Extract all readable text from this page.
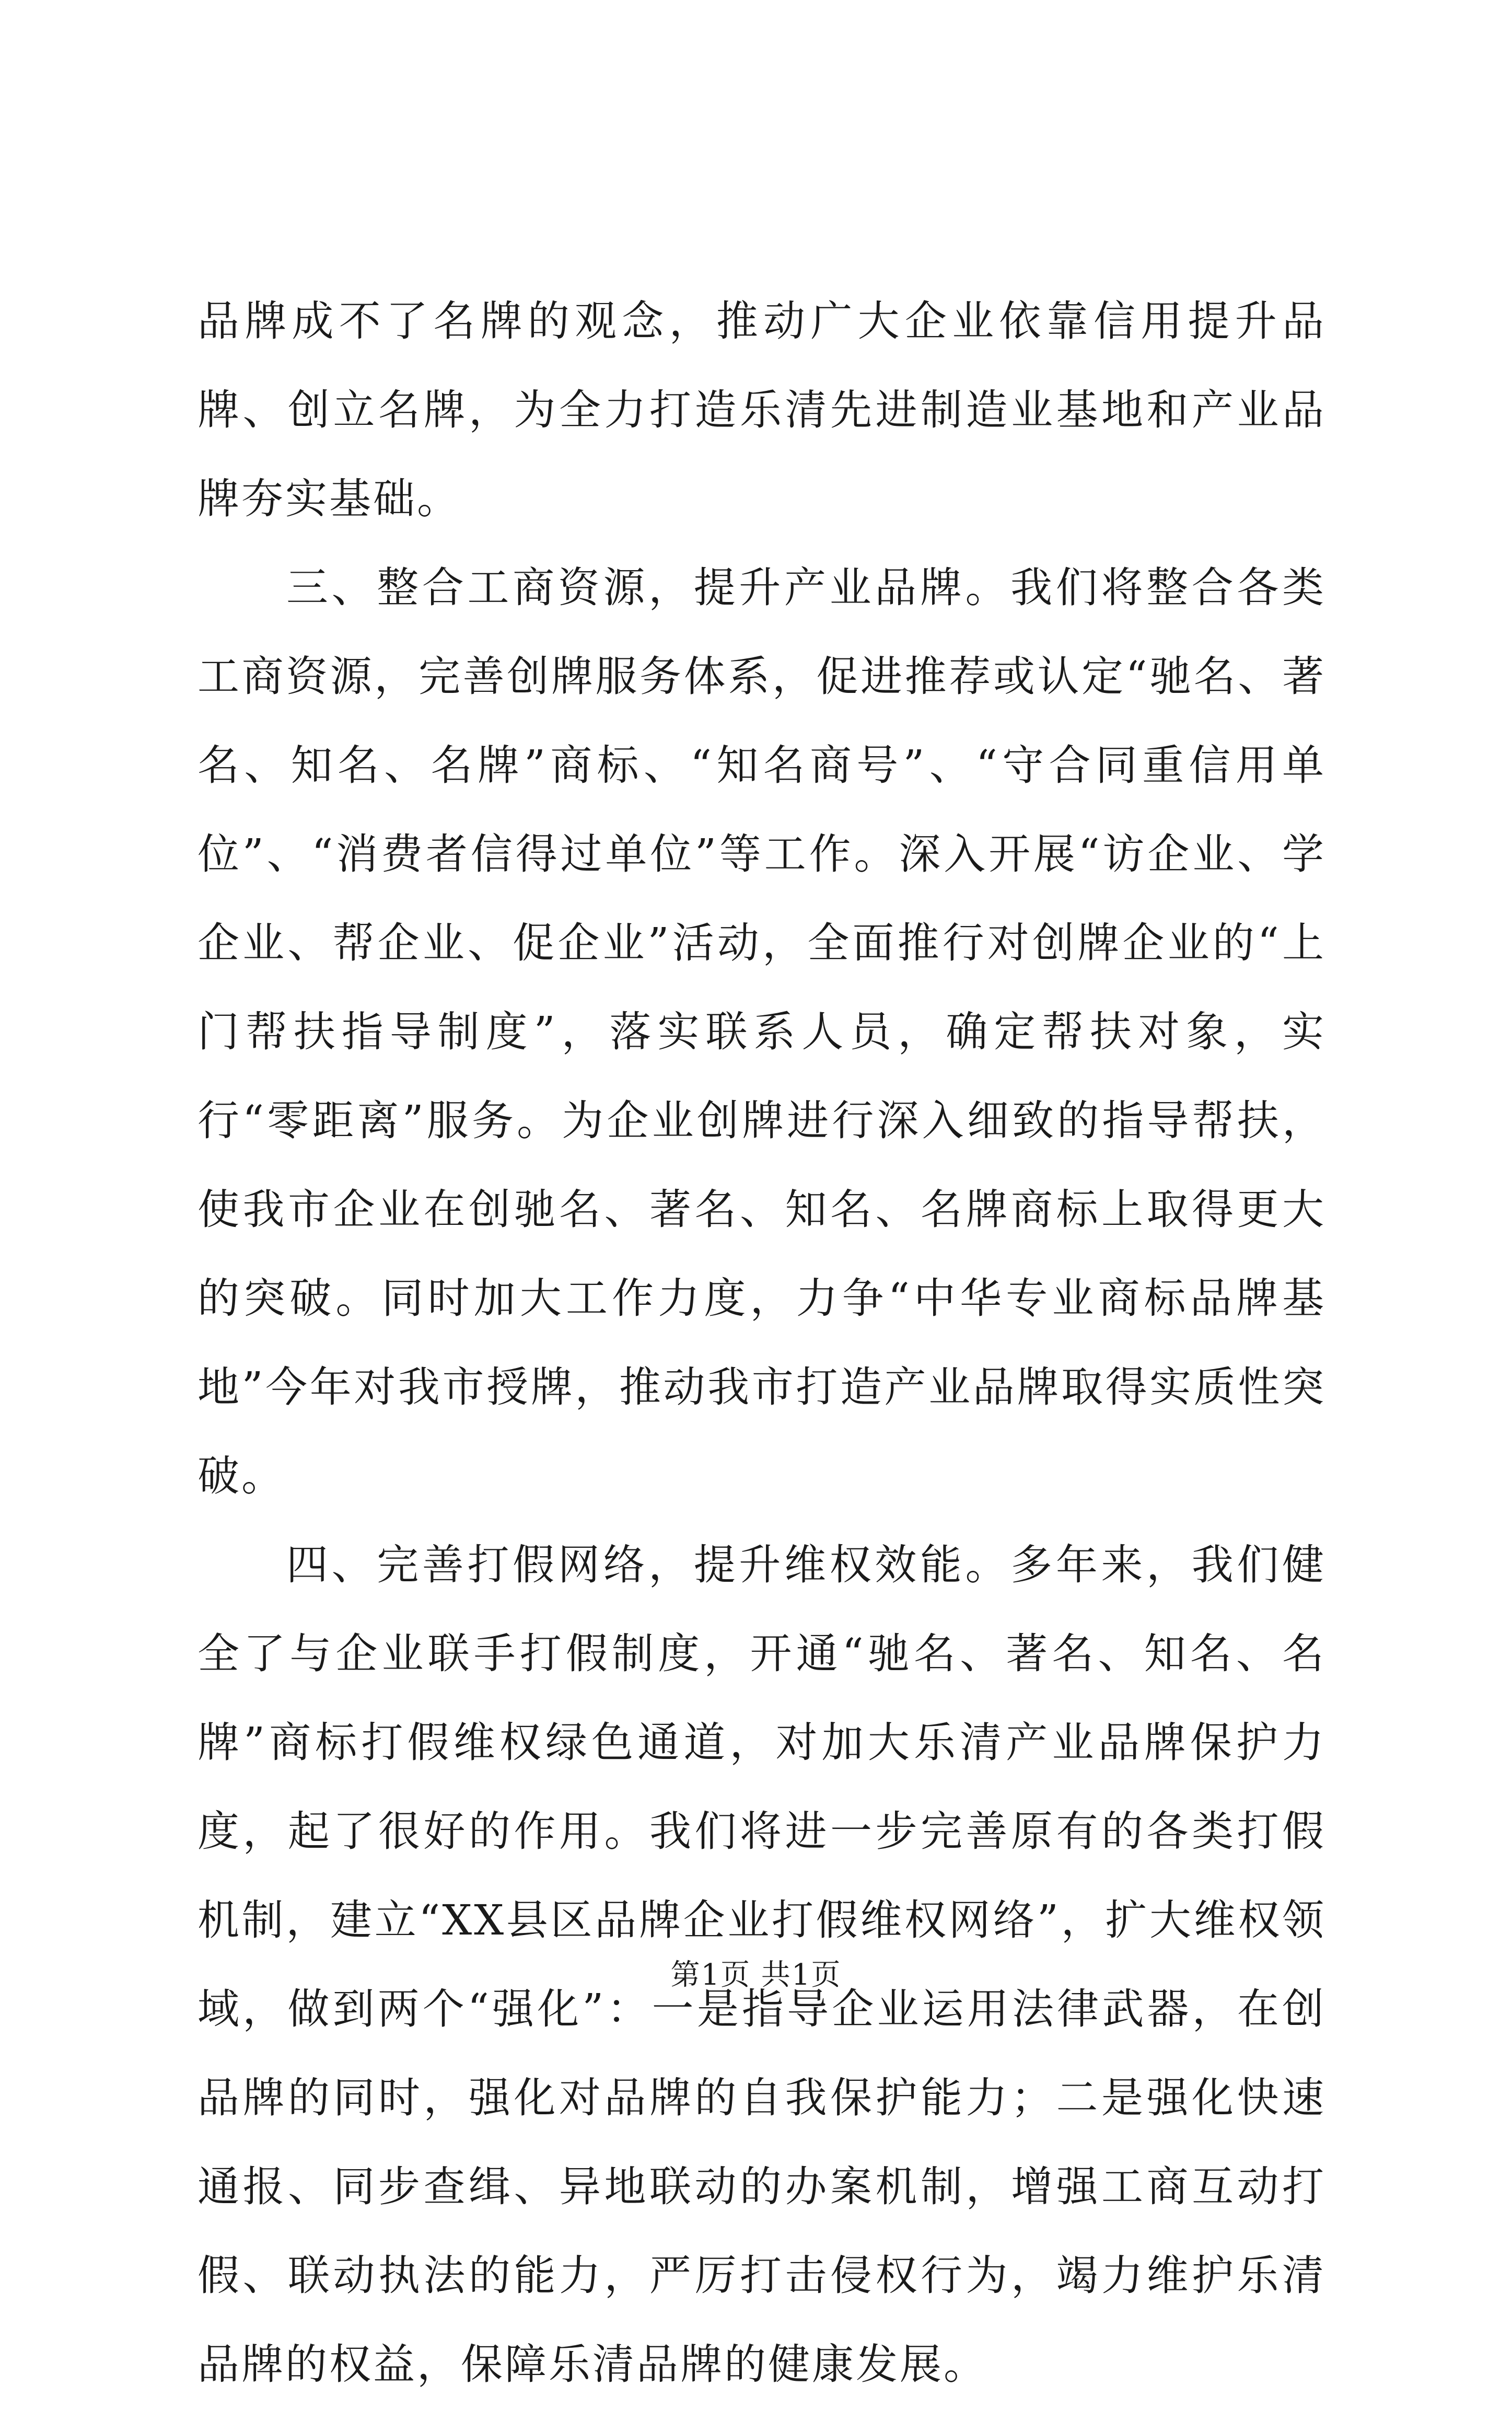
品牌成不了名牌的观念，推动广大企业依靠信用提升品牌、创立名牌，为全力打造乐清先进制造业基地和产业品牌夯实基础。

三、整合工商资源，提升产业品牌。我们将整合各类工商资源，完善创牌服务体系，促进推荐或认定“驰名、著名、知名、名牌”商标、“知名商号”、“守合同重信用单位”、“消费者信得过单位”等工作。深入开展“访企业、学企业、帮企业、促企业”活动，全面推行对创牌企业的“上门帮扶指导制度”，落实联系人员，确定帮扶对象，实行“零距离”服务。为企业创牌进行深入细致的指导帮扶，使我市企业在创驰名、著名、知名、名牌商标上取得更大的突破。同时加大工作力度，力争“中华专业商标品牌基地”今年对我市授牌，推动我市打造产业品牌取得实质性突破。

四、完善打假网络，提升维权效能。多年来，我们健全了与企业联手打假制度，开通“驰名、著名、知名、名牌”商标打假维权绿色通道，对加大乐清产业品牌保护力度，起了很好的作用。我们将进一步完善原有的各类打假机制，建立“XX县区品牌企业打假维权网络”，扩大维权领域，做到两个“强化”：一是指导企业运用法律武器，在创品牌的同时，强化对品牌的自我保护能力；二是强化快速通报、同步查缉、异地联动的办案机制，增强工商互动打假、联动执法的能力，严厉打击侵权行为，竭力维护乐清品牌的权益，保障乐清品牌的健康发展。

第1页 共1页
